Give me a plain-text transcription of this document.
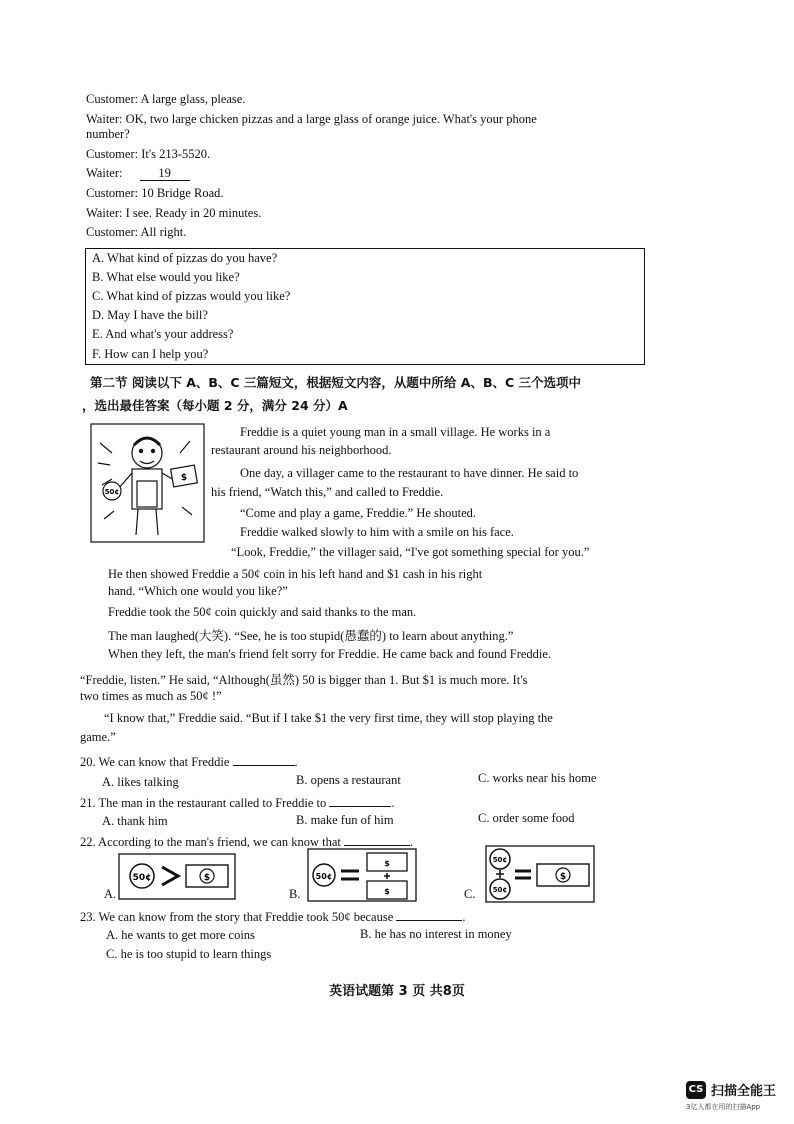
Customer: A large glass, please.
Waiter: OK, two large chicken pizzas and a large glass of orange juice. What's your phone
number?
Customer: It's 213-5520.
Waiter:	19
Customer: 10 Bridge Road.
Waiter: I see. Ready in 20 minutes.
Customer: All right.
A. What kind of pizzas do you have?
B. What else would you like?
C. What kind of pizzas would you like?
D. May I have the bill?
E. And what's your address?
F. How can I help you?
第二节 阅读以下 A、B、C 三篇短文，根据短文内容，从题中所给 A、B、C 三个选项中
，选出最佳答案（每小题 2 分，满分 24 分）A
50¢
$
Freddie is a quiet young man in a small village. He works in a
restaurant around his neighborhood.
One day, a villager came to the restaurant to have dinner. He said to
his friend, “Watch this,” and called to Freddie.
“Come and play a game, Freddie.” He shouted.
Freddie walked slowly to him with a smile on his face.
“Look, Freddie,” the villager said, “I've got something special for you.”
He then showed Freddie a 50¢ coin in his left hand and $1 cash in his right
hand. “Which one would you like?”
Freddie took the 50¢ coin quickly and said thanks to the man.
The man laughed(大笑). “See, he is too stupid(愚蠢的) to learn about anything.”
When they left, the man's friend felt sorry for Freddie. He came back and found Freddie.
“Freddie, listen.” He said, “Although(虽然) 50 is bigger than 1. But $1 is much more. It's
two times as much as 50¢ !”
“I know that,” Freddie said. “But if I take $1 the very first time, they will stop playing the
game.”
20. We can know that Freddie	.
A. likes talking	B. opens a restaurant	C. works near his home
21. The man in the restaurant called to Freddie to	.
A. thank him	B. make fun of him	C. order some food
22. According to the man's friend, we can know that	.
A.
50¢	$
B.
50¢
$
$	C.
50¢
50¢
$
23. We can know from the story that Freddie took 50¢ because	.
A. he wants to get more coins	B. he has no interest in money
C. he is too stupid to learn things
英语试题第 3 页 共8页
CS 扫描全能王
3亿人都在用的扫描App
